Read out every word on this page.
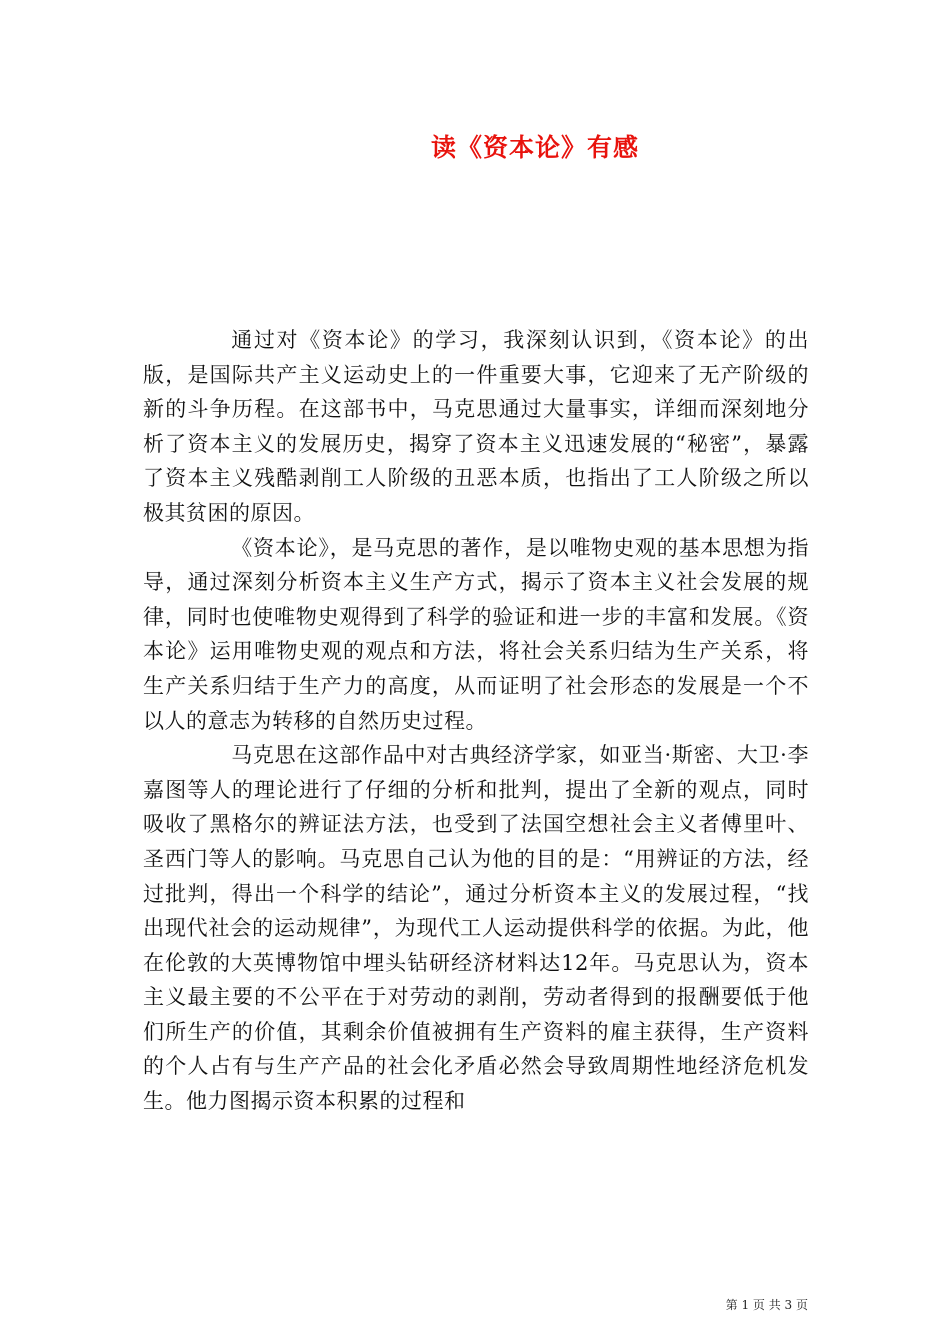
读《资本论》有感

通过对《资本论》的学习，我深刻认识到，《资本论》的出版，是国际共产主义运动史上的一件重要大事，它迎来了无产阶级的新的斗争历程。在这部书中，马克思通过大量事实，详细而深刻地分析了资本主义的发展历史，揭穿了资本主义迅速发展的“秘密”，暴露了资本主义残酷剥削工人阶级的丑恶本质，也指出了工人阶级之所以极其贫困的原因。

《资本论》，是马克思的著作，是以唯物史观的基本思想为指导，通过深刻分析资本主义生产方式，揭示了资本主义社会发展的规律，同时也使唯物史观得到了科学的验证和进一步的丰富和发展。《资本论》运用唯物史观的观点和方法，将社会关系归结为生产关系，将生产关系归结于生产力的高度，从而证明了社会形态的发展是一个不以人的意志为转移的自然历史过程。

马克思在这部作品中对古典经济学家，如亚当·斯密、大卫·李嘉图等人的理论进行了仔细的分析和批判，提出了全新的观点，同时吸收了黑格尔的辨证法方法，也受到了法国空想社会主义者傅里叶、圣西门等人的影响。马克思自己认为他的目的是：“用辨证的方法，经过批判，得出一个科学的结论”，通过分析资本主义的发展过程，“找出现代社会的运动规律”，为现代工人运动提供科学的依据。为此，他在伦敦的大英博物馆中埋头钻研经济材料达12年。马克思认为，资本主义最主要的不公平在于对劳动的剥削，劳动者得到的报酬要低于他们所生产的价值，其剩余价值被拥有生产资料的雇主获得，生产资料的个人占有与生产产品的社会化矛盾必然会导致周期性地经济危机发生。他力图揭示资本积累的过程和

第 1 页 共 3 页
